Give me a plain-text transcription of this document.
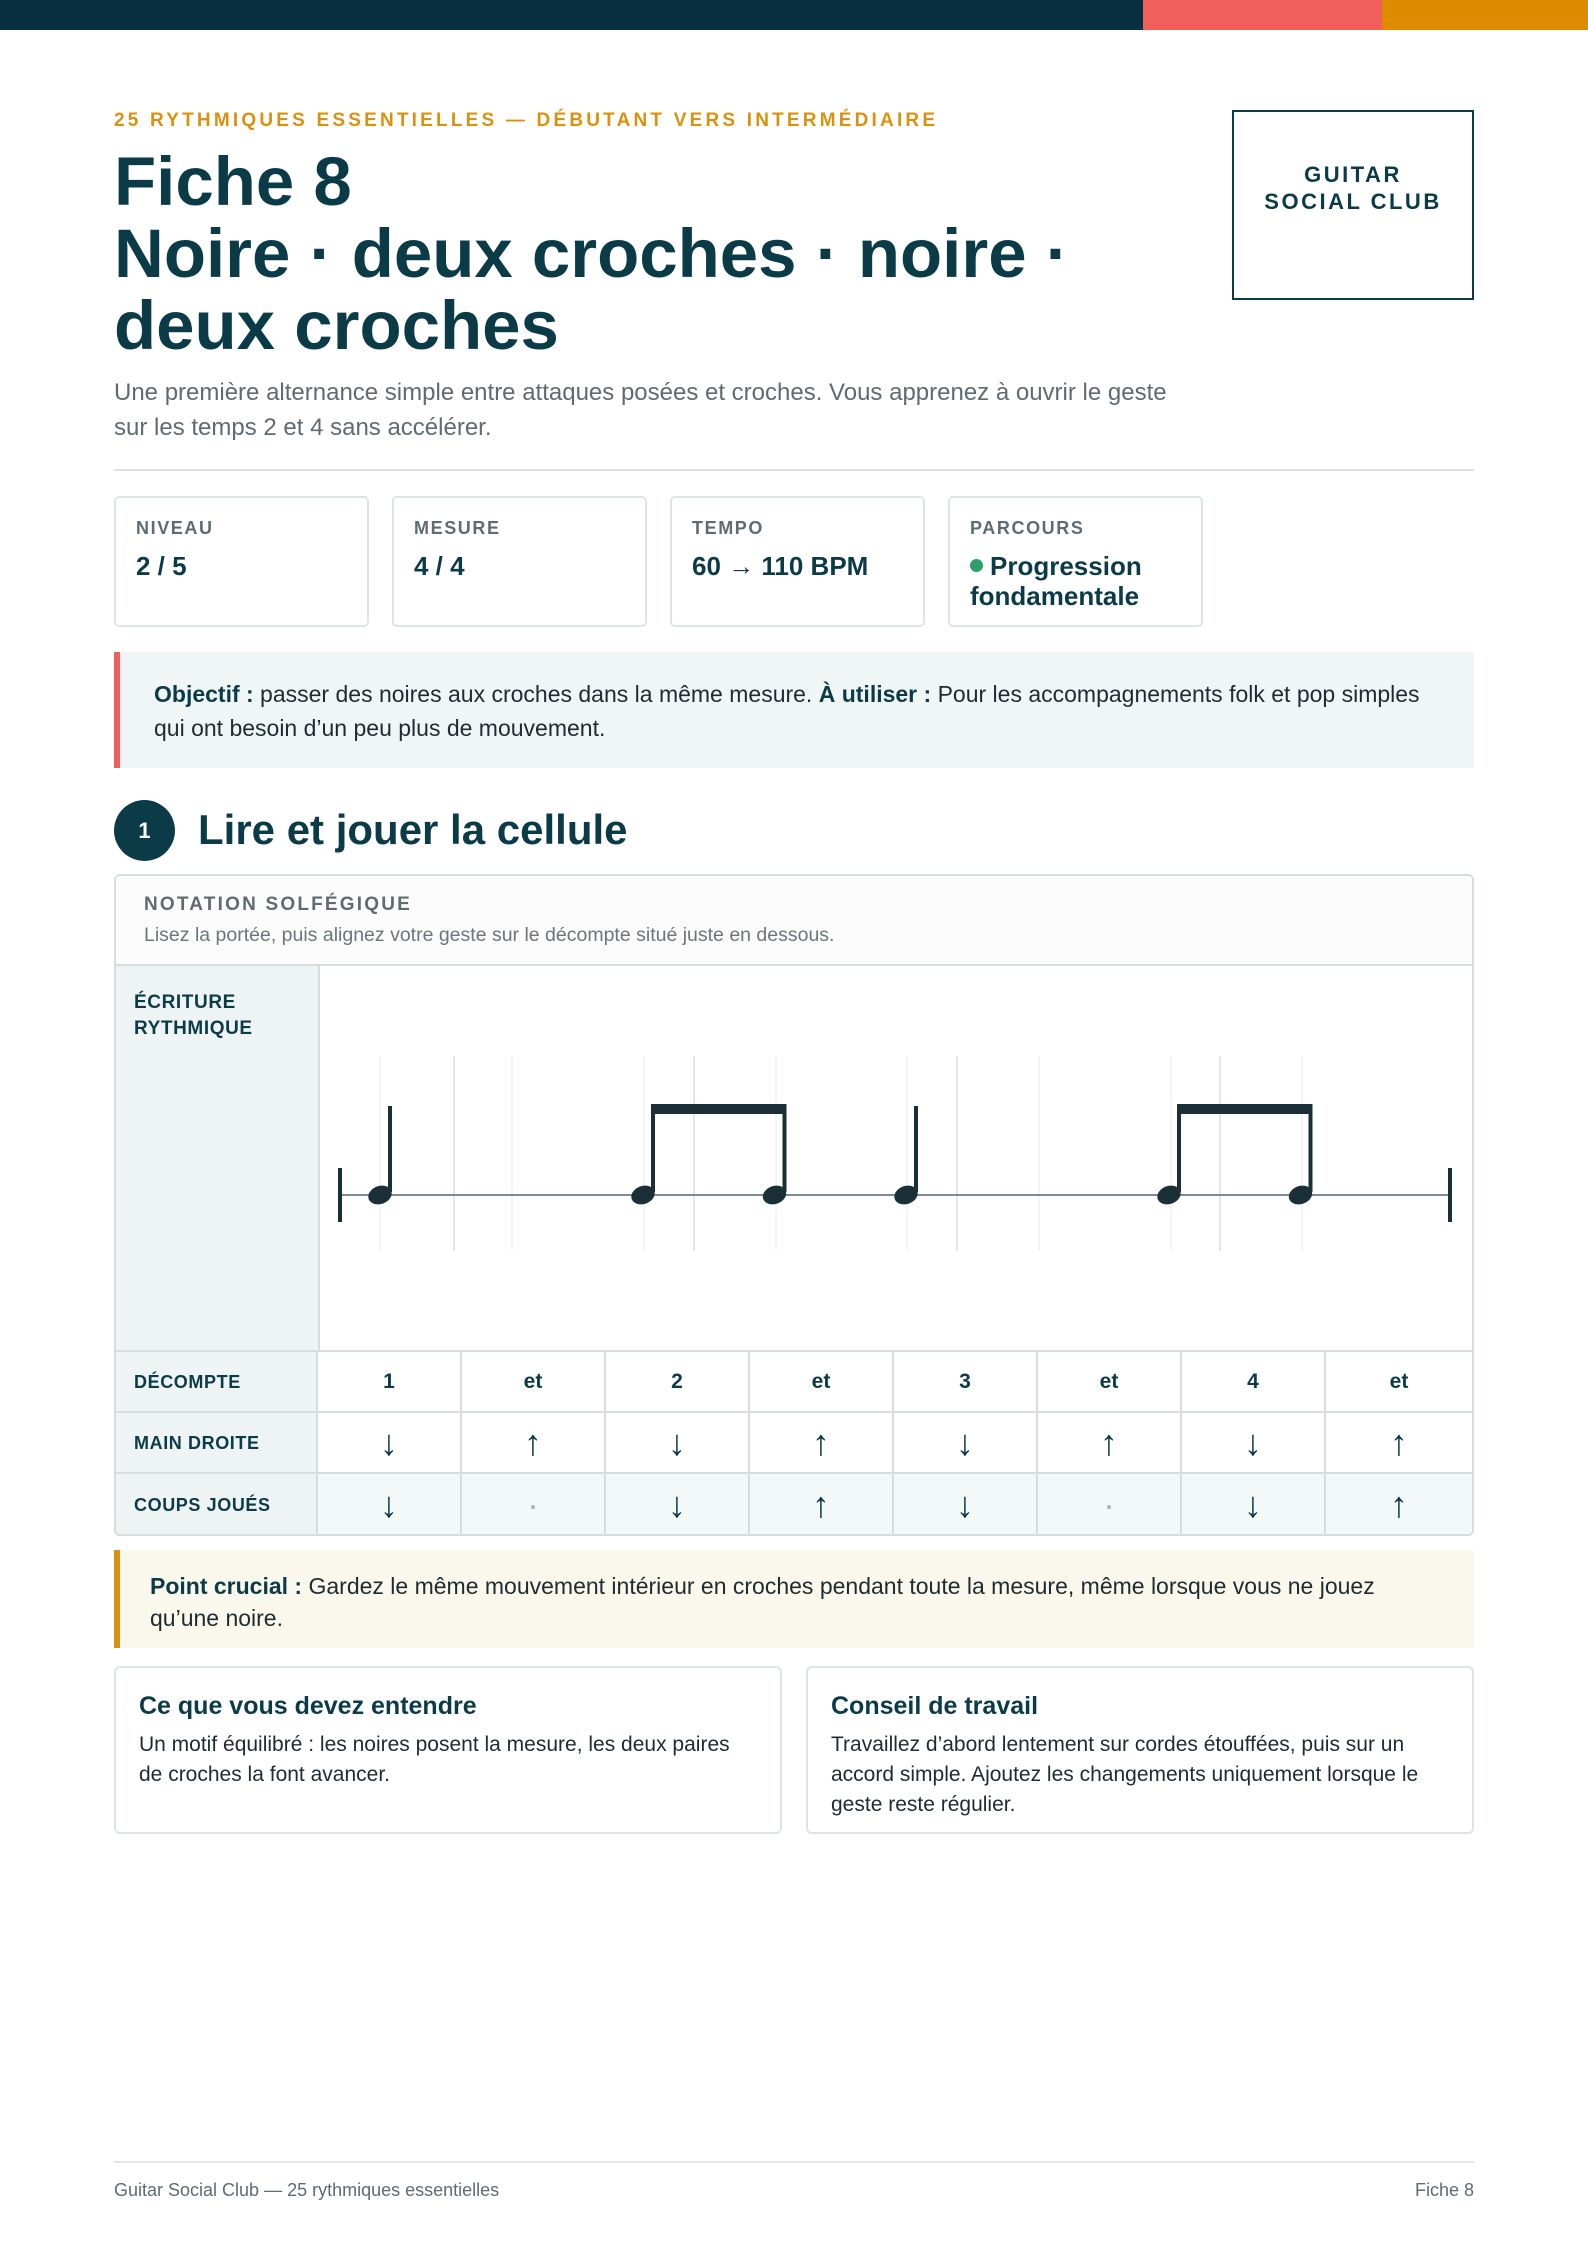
25 RYTHMIQUES ESSENTIELLES — DÉBUTANT VERS INTERMÉDIAIRE
Fiche 8
Noire · deux croches · noire ·
deux croches

Une première alternance simple entre attaques posées et croches. Vous apprenez à ouvrir le geste sur les temps 2 et 4 sans accélérer.

GUITAR
SOCIAL CLUB
NIVEAU
2 / 5
MESURE
4 / 4
TEMPO
60 → 110 BPM
PARCOURS
Progression fondamentale
Objectif : passer des noires aux croches dans la même mesure. À utiliser : Pour les accompagnements folk et pop simples qui ont besoin d’un peu plus de mouvement.
1	Lire et jouer la cellule
NOTATION SOLFÉGIQUE
Lisez la portée, puis alignez votre geste sur le décompte situé juste en dessous.
ÉCRITURE
RYTHMIQUE
DÉCOMPTE	1	et	2	et	3	et	4	et
MAIN DROITE	↓	↑	↓	↑	↓	↑	↓	↑
COUPS JOUÉS	↓	·	↓	↑	↓	·	↓	↑
Point crucial : Gardez le même mouvement intérieur en croches pendant toute la mesure, même lorsque vous ne jouez qu’une noire.
Ce que vous devez entendre

Un motif équilibré : les noires posent la mesure, les deux paires de croches la font avancer.

Conseil de travail

Travaillez d’abord lentement sur cordes étouffées, puis sur un accord simple. Ajoutez les changements uniquement lorsque le geste reste régulier.

Guitar Social Club — 25 rythmiques essentielles	Fiche 8
